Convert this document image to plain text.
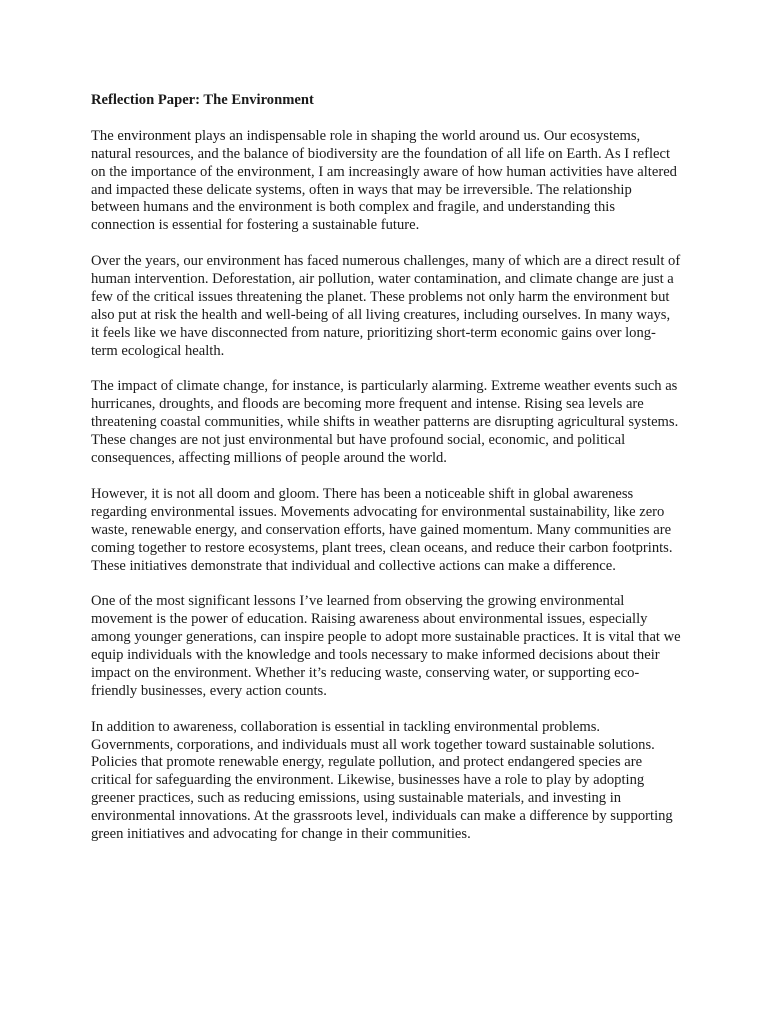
Reflection Paper: The Environment
The environment plays an indispensable role in shaping the world around us. Our ecosystems, natural resources, and the balance of biodiversity are the foundation of all life on Earth. As I reflect on the importance of the environment, I am increasingly aware of how human activities have altered and impacted these delicate systems, often in ways that may be irreversible. The relationship between humans and the environment is both complex and fragile, and understanding this connection is essential for fostering a sustainable future.
Over the years, our environment has faced numerous challenges, many of which are a direct result of human intervention. Deforestation, air pollution, water contamination, and climate change are just a few of the critical issues threatening the planet. These problems not only harm the environment but also put at risk the health and well-being of all living creatures, including ourselves. In many ways, it feels like we have disconnected from nature, prioritizing short-term economic gains over long-term ecological health.
The impact of climate change, for instance, is particularly alarming. Extreme weather events such as hurricanes, droughts, and floods are becoming more frequent and intense. Rising sea levels are threatening coastal communities, while shifts in weather patterns are disrupting agricultural systems. These changes are not just environmental but have profound social, economic, and political consequences, affecting millions of people around the world.
However, it is not all doom and gloom. There has been a noticeable shift in global awareness regarding environmental issues. Movements advocating for environmental sustainability, like zero waste, renewable energy, and conservation efforts, have gained momentum. Many communities are coming together to restore ecosystems, plant trees, clean oceans, and reduce their carbon footprints. These initiatives demonstrate that individual and collective actions can make a difference.
One of the most significant lessons I’ve learned from observing the growing environmental movement is the power of education. Raising awareness about environmental issues, especially among younger generations, can inspire people to adopt more sustainable practices. It is vital that we equip individuals with the knowledge and tools necessary to make informed decisions about their impact on the environment. Whether it’s reducing waste, conserving water, or supporting eco-friendly businesses, every action counts.
In addition to awareness, collaboration is essential in tackling environmental problems. Governments, corporations, and individuals must all work together toward sustainable solutions. Policies that promote renewable energy, regulate pollution, and protect endangered species are critical for safeguarding the environment. Likewise, businesses have a role to play by adopting greener practices, such as reducing emissions, using sustainable materials, and investing in environmental innovations. At the grassroots level, individuals can make a difference by supporting green initiatives and advocating for change in their communities.
